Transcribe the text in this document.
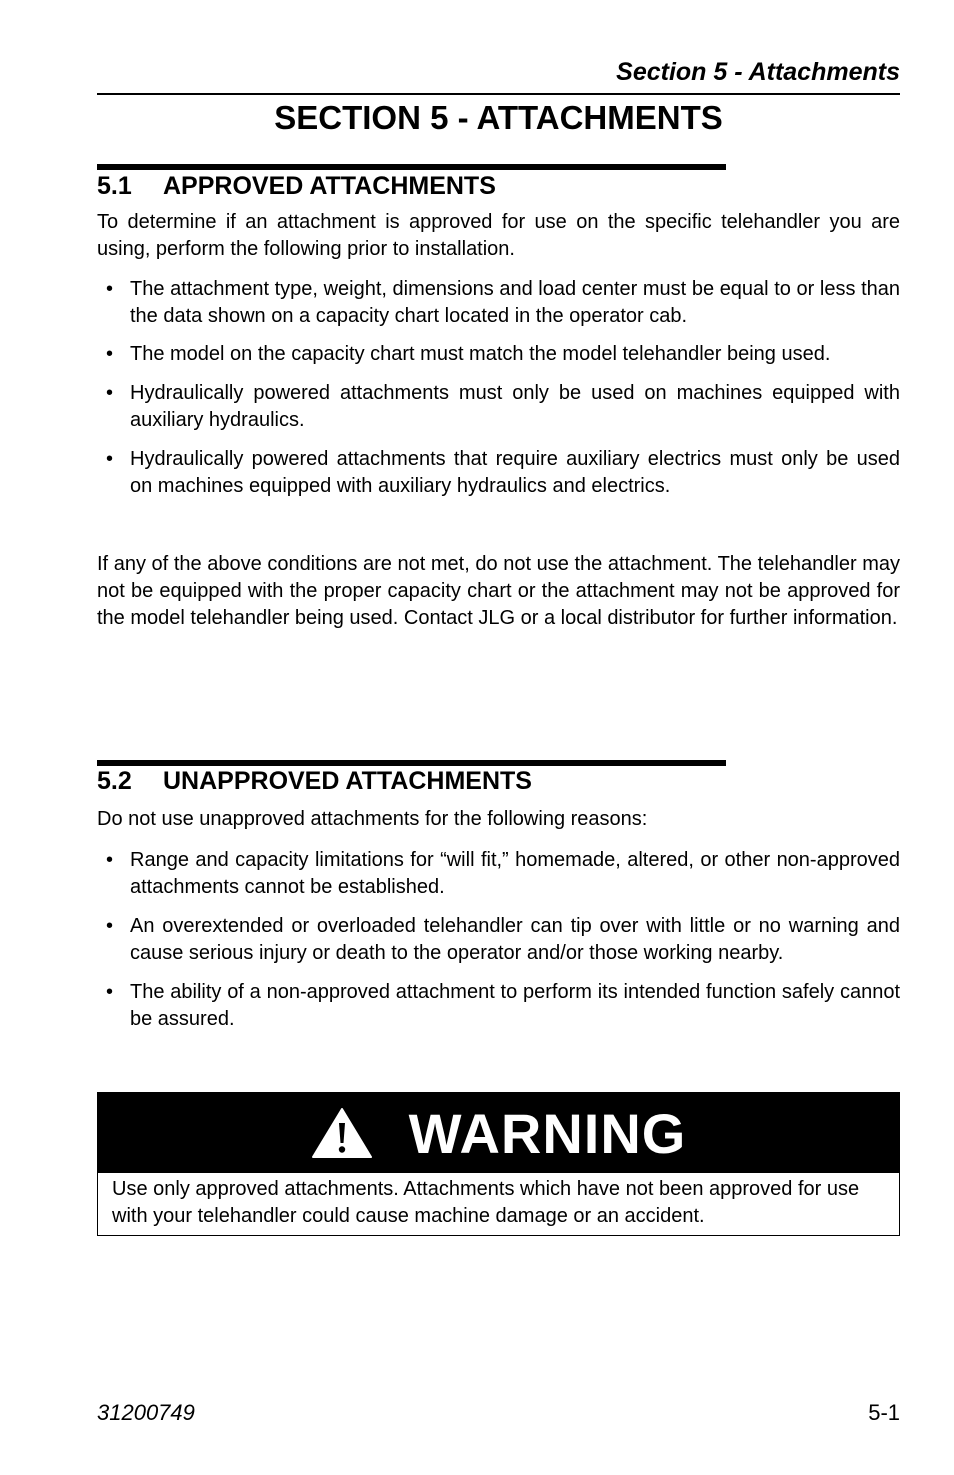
Section 5 - Attachments
SECTION 5 - ATTACHMENTS
5.1 APPROVED ATTACHMENTS

To determine if an attachment is approved for use on the specific telehandler you are using, perform the following prior to installation.

• The attachment type, weight, dimensions and load center must be equal to or less than the data shown on a capacity chart located in the operator cab.
• The model on the capacity chart must match the model telehandler being used.
• Hydraulically powered attachments must only be used on machines equipped with auxiliary hydraulics.
• Hydraulically powered attachments that require auxiliary electrics must only be used on machines equipped with auxiliary hydraulics and electrics.

If any of the above conditions are not met, do not use the attachment. The telehandler may not be equipped with the proper capacity chart or the attachment may not be approved for the model telehandler being used. Contact JLG or a local distributor for further information.

5.2 UNAPPROVED ATTACHMENTS

Do not use unapproved attachments for the following reasons:

• Range and capacity limitations for “will fit,” homemade, altered, or other non-approved attachments cannot be established.
• An overextended or overloaded telehandler can tip over with little or no warning and cause serious injury or death to the operator and/or those working nearby.
• The ability of a non-approved attachment to perform its intended function safely cannot be assured.
WARNING

Use only approved attachments. Attachments which have not been approved for use with your telehandler could cause machine damage or an accident.

31200749	5-1
